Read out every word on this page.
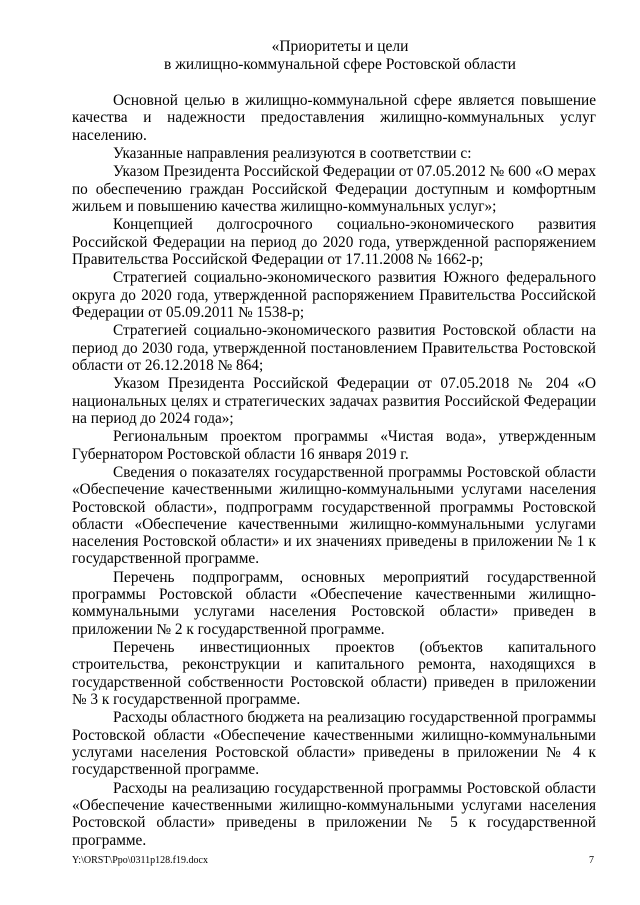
«Приоритеты и цели
в жилищно-коммунальной сфере Ростовской области

Основной целью в жилищно-коммунальной сфере является повышение качества и надежности предоставления жилищно-коммунальных услуг населению.

Указанные направления реализуются в соответствии с:

Указом Президента Российской Федерации от 07.05.2012 № 600 «О мерах по обеспечению граждан Российской Федерации доступным и комфортным жильем и повышению качества жилищно-коммунальных услуг»;

Концепцией долгосрочного социально-экономического развития Российской Федерации на период до 2020 года, утвержденной распоряжением Правительства Российской Федерации от 17.11.2008 № 1662-р;

Стратегией социально-экономического развития Южного федерального округа до 2020 года, утвержденной распоряжением Правительства Российской Федерации от 05.09.2011 № 1538-р;

Стратегией социально-экономического развития Ростовской области на период до 2030 года, утвержденной постановлением Правительства Ростовской области от 26.12.2018 № 864;

Указом Президента Российской Федерации от 07.05.2018 № 204 «О национальных целях и стратегических задачах развития Российской Федерации на период до 2024 года»;

Региональным проектом программы «Чистая вода», утвержденным Губернатором Ростовской области 16 января 2019 г.

Сведения о показателях государственной программы Ростовской области «Обеспечение качественными жилищно-коммунальными услугами населения Ростовской области», подпрограмм государственной программы Ростовской области «Обеспечение качественными жилищно-коммунальными услугами населения Ростовской области» и их значениях приведены в приложении № 1 к государственной программе.

Перечень подпрограмм, основных мероприятий государственной программы Ростовской области «Обеспечение качественными жилищно-коммунальными услугами населения Ростовской области» приведен в приложении № 2 к государственной программе.

Перечень инвестиционных проектов (объектов капитального строительства, реконструкции и капитального ремонта, находящихся в государственной собственности Ростовской области) приведен в приложении № 3 к государственной программе.

Расходы областного бюджета на реализацию государственной программы Ростовской области «Обеспечение качественными жилищно-коммунальными услугами населения Ростовской области» приведены в приложении № 4 к государственной программе.

Расходы на реализацию государственной программы Ростовской области «Обеспечение качественными жилищно-коммунальными услугами населения Ростовской области» приведены в приложении № 5 к государственной программе.

Y:\ORST\Ppo\0311p128.f19.docx	7
